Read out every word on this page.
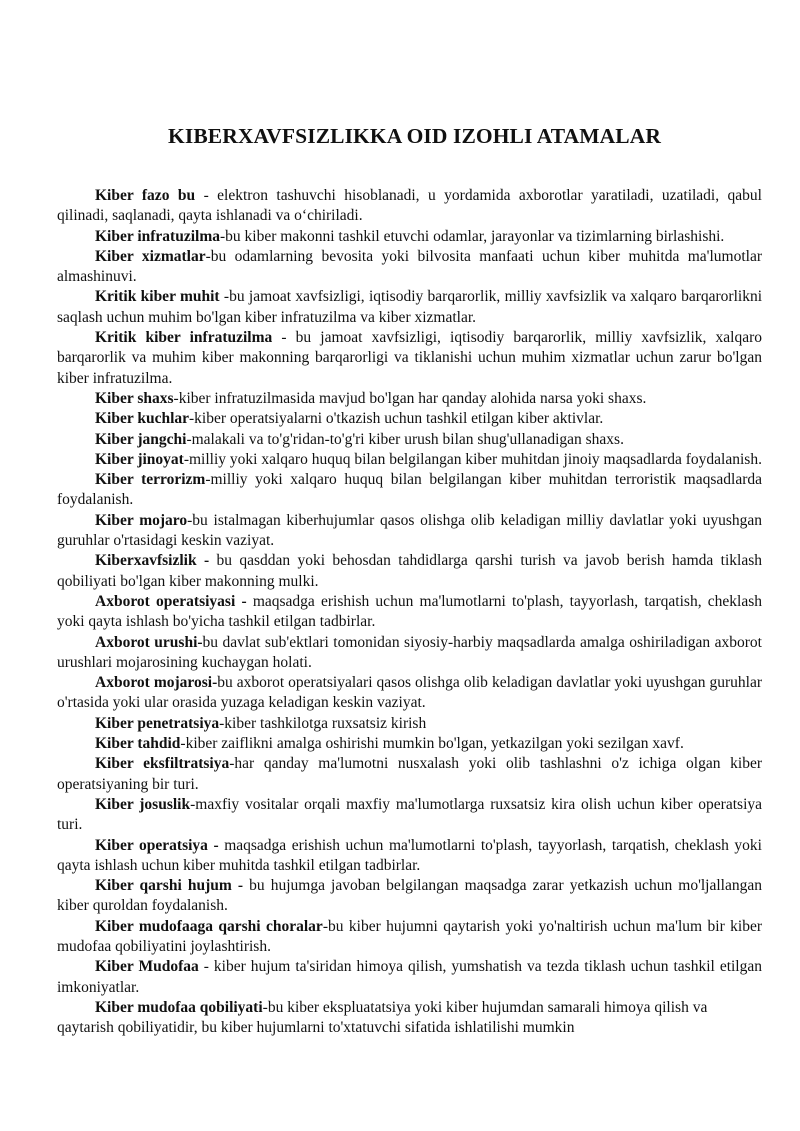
KIBERXAVFSIZLIKKA OID IZOHLI ATAMALAR

Kiber fazo bu - elektron tashuvchi hisoblanadi, u yordamida axborotlar yaratiladi, uzatiladi, qabul qilinadi, saqlanadi, qayta ishlanadi va oʻchiriladi.

Kiber infratuzilma-bu kiber makonni tashkil etuvchi odamlar, jarayonlar va tizimlarning birlashishi.

Kiber xizmatlar-bu odamlarning bevosita yoki bilvosita manfaati uchun kiber muhitda ma'lumotlar almashinuvi.

Kritik kiber muhit -bu jamoat xavfsizligi, iqtisodiy barqarorlik, milliy xavfsizlik va xalqaro barqarorlikni saqlash uchun muhim bo'lgan kiber infratuzilma va kiber xizmatlar.

Kritik kiber infratuzilma - bu jamoat xavfsizligi, iqtisodiy barqarorlik, milliy xavfsizlik, xalqaro barqarorlik va muhim kiber makonning barqarorligi va tiklanishi uchun muhim xizmatlar uchun zarur bo'lgan kiber infratuzilma.

Kiber shaxs-kiber infratuzilmasida mavjud bo'lgan har qanday alohida narsa yoki shaxs.

Kiber kuchlar-kiber operatsiyalarni o'tkazish uchun tashkil etilgan kiber aktivlar.

Kiber jangchi-malakali va to'g'ridan-to'g'ri kiber urush bilan shug'ullanadigan shaxs.

Kiber jinoyat-milliy yoki xalqaro huquq bilan belgilangan kiber muhitdan jinoiy maqsadlarda foydalanish.

Kiber terrorizm-milliy yoki xalqaro huquq bilan belgilangan kiber muhitdan terroristik maqsadlarda foydalanish.

Kiber mojaro-bu istalmagan kiberhujumlar qasos olishga olib keladigan milliy davlatlar yoki uyushgan guruhlar o'rtasidagi keskin vaziyat.

Kiberxavfsizlik - bu qasddan yoki behosdan tahdidlarga qarshi turish va javob berish hamda tiklash qobiliyati bo'lgan kiber makonning mulki.

Axborot operatsiyasi - maqsadga erishish uchun ma'lumotlarni to'plash, tayyorlash, tarqatish, cheklash yoki qayta ishlash bo'yicha tashkil etilgan tadbirlar.

Axborot urushi-bu davlat sub'ektlari tomonidan siyosiy-harbiy maqsadlarda amalga oshiriladigan axborot urushlari mojarosining kuchaygan holati.

Axborot mojarosi-bu axborot operatsiyalari qasos olishga olib keladigan davlatlar yoki uyushgan guruhlar o'rtasida yoki ular orasida yuzaga keladigan keskin vaziyat.

Kiber penetratsiya-kiber tashkilotga ruxsatsiz kirish

Kiber tahdid-kiber zaiflikni amalga oshirishi mumkin bo'lgan, yetkazilgan yoki sezilgan xavf.

Kiber eksfiltratsiya-har qanday ma'lumotni nusxalash yoki olib tashlashni o'z ichiga olgan kiber operatsiyaning bir turi.

Kiber josuslik-maxfiy vositalar orqali maxfiy ma'lumotlarga ruxsatsiz kira olish uchun kiber operatsiya turi.

Kiber operatsiya - maqsadga erishish uchun ma'lumotlarni to'plash, tayyorlash, tarqatish, cheklash yoki qayta ishlash uchun kiber muhitda tashkil etilgan tadbirlar.

Kiber qarshi hujum - bu hujumga javoban belgilangan maqsadga zarar yetkazish uchun mo'ljallangan kiber quroldan foydalanish.

Kiber mudofaaga qarshi choralar-bu kiber hujumni qaytarish yoki yo'naltirish uchun ma'lum bir kiber mudofaa qobiliyatini joylashtirish.

Kiber Mudofaa - kiber hujum ta'siridan himoya qilish, yumshatish va tezda tiklash uchun tashkil etilgan imkoniyatlar.

Kiber mudofaa qobiliyati-bu kiber ekspluatatsiya yoki kiber hujumdan samarali himoya qilish va qaytarish qobiliyatidir, bu kiber hujumlarni to'xtatuvchi sifatida ishlatilishi mumkin
